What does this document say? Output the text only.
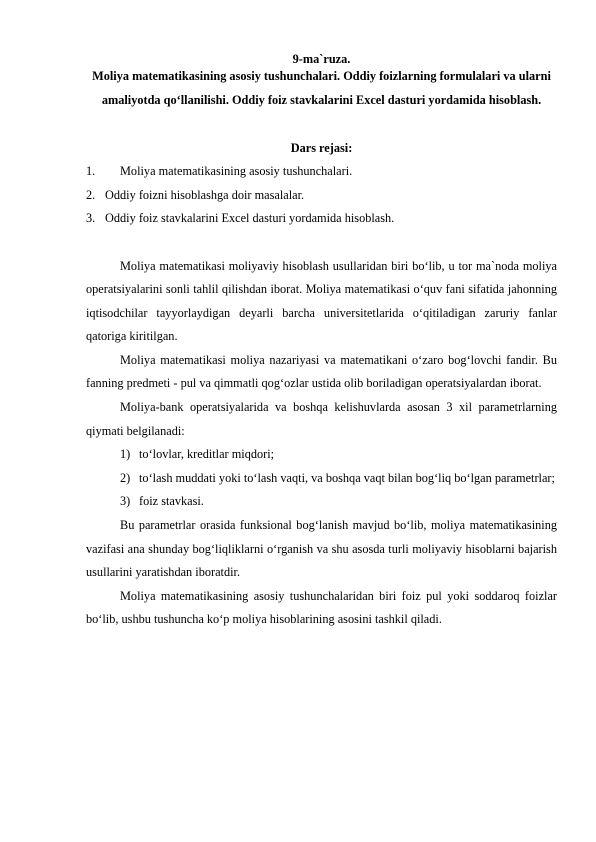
9-ma`ruza.

Moliya matematikasining asosiy tushunchalari. Oddiy foizlarning formulalari va ularni amaliyotda qo‘llanilishi. Oddiy foiz stavkalarini Excel dasturi yordamida hisoblash.

Dars rejasi:

1.	Moliya matematikasining asosiy tushunchalari.
2. Oddiy foizni hisoblashga doir masalalar.
3. Oddiy foiz stavkalarini Excel dasturi yordamida hisoblash.

Moliya matematikasi moliyaviy hisoblash usullaridan biri bo‘lib, u tor ma`noda moliya operatsiyalarini sonli tahlil qilishdan iborat. Moliya matematikasi o‘quv fani sifatida jahonning iqtisodchilar tayyorlaydigan deyarli barcha universitetlarida o‘qitiladigan zaruriy fanlar qatoriga kiritilgan.

Moliya matematikasi moliya nazariyasi va matematikani o‘zaro bog‘lovchi fandir. Bu fanning predmeti - pul va qimmatli qog‘ozlar ustida olib boriladigan operatsiyalardan iborat.

Moliya-bank operatsiyalarida va boshqa kelishuvlarda asosan 3 xil parametrlarning qiymati belgilanadi:

1) to‘lovlar, kreditlar miqdori;
2) to‘lash muddati yoki to‘lash vaqti, va boshqa vaqt bilan bog‘liq bo‘lgan parametrlar;
3) foiz stavkasi.

Bu parametrlar orasida funksional bog‘lanish mavjud bo‘lib, moliya matematikasining vazifasi ana shunday bog‘liqliklarni o‘rganish va shu asosda turli moliyaviy hisoblarni bajarish usullarini yaratishdan iboratdir.

Moliya matematikasining asosiy tushunchalaridan biri foiz pul yoki soddaroq foizlar bo‘lib, ushbu tushuncha ko‘p moliya hisoblarining asosini tashkil qiladi.
